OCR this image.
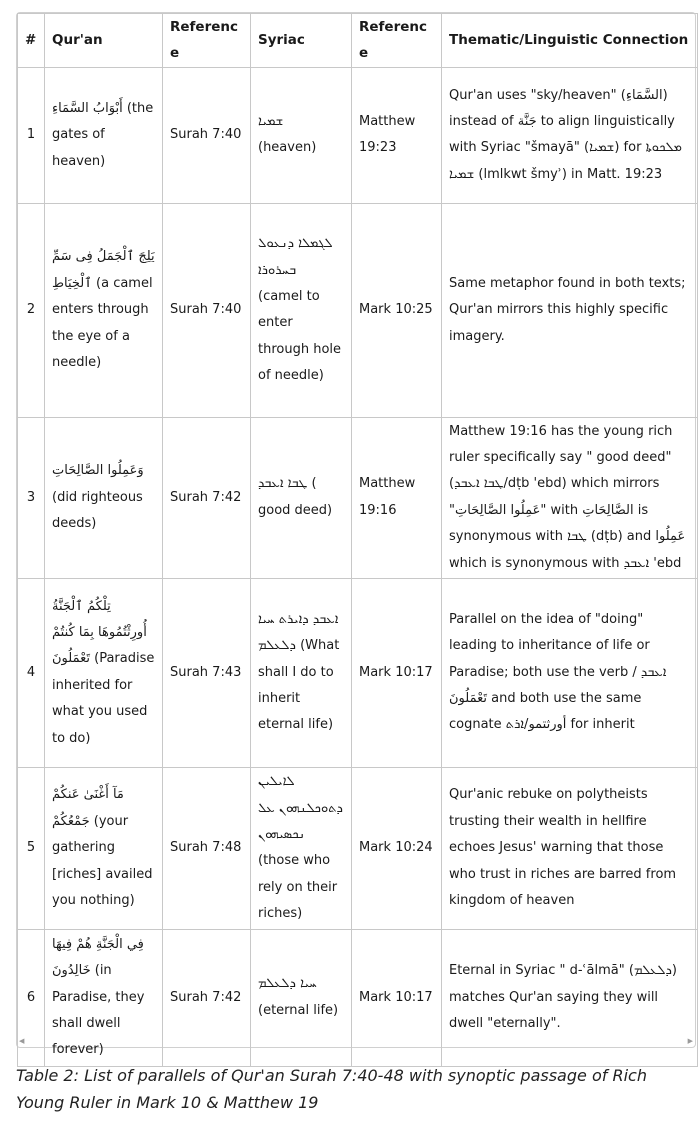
#	Qur'an	Reference	Syriac	Reference	Thematic/Linguistic Connection
1	أَبْوَابُ السَّمَاءِ (the gates of heaven)	Surah 7:40	ܫܡܝܐ (heaven)	Matthew 19:23	Qur'an uses "sky/heaven" (السَّمَاءِ) instead of جَنَّة to align linguistically with Syriac "šmayā" (ܫܡܝܐ) for ܡܠܟܘܬܐ ܫܡܝܐ (lmlkwt šmyʾ) in Matt. 19:23
2	يَلِجَ ٱلْجَمَلُ فِى سَمِّ ٱلْخِيَاطِ (a camel enters through the eye of a needle)	Surah 7:40	ܠܓܡܠܐ ܕܢܥܘܠ ܒܚܪܘܪܐ (camel to enter through hole of needle)	Mark 10:25	Same metaphor found in both texts; Qur'an mirrors this highly specific imagery.
3	وَعَمِلُوا الصَّالِحَاتِ (did righteous deeds)	Surah 7:42	ܛܒܐ ܐܥܒܕ ( good deed)	Matthew 19:16	Matthew 19:16 has the young rich ruler specifically say " good deed" (ܛܒܐ ܐܥܒܕ/dṭb 'ebd) which mirrors "عَمِلُوا الصَّالِحَاتِ" with الصَّالِحَاتِ is synonymous with ܛܒܐ (dṭb) and عَمِلُوا which is synonymous with ܐܥܒܕ 'ebd
4	تِلْكُمُ ٱلْجَنَّةُ أُورِثْتُمُوهَا بِمَا كُنتُمْ تَعْمَلُونَ (Paradise inherited for what you used to do)	Surah 7:43	ܐܥܒܕ ܕܐܝܪܬ ܚܝܐ ܕܠܥܠܡ (What shall I do to inherit eternal life)	Mark 10:17	Parallel on the idea of "doing" leading to inheritance of life or Paradise; both use the verb / ܐܥܒܕ تَعْمَلُونَ and both use the same cognate أورثتمو/ܐܪܬ for inherit
5	مَآ أَغْنَىٰ عَنكُمْ جَمْعُكُمْ (your gathering [riches] availed you nothing)	Surah 7:48	ܠܐܝܠܝܢ ܕܬܘܟܠܢܗܘܢ ܥܠ ܢܟܣܝܗܘܢ (those who rely on their riches)	Mark 10:24	Qur'anic rebuke on polytheists trusting their wealth in hellfire echoes Jesus' warning that those who trust in riches are barred from kingdom of heaven
6	فِي الْجَنَّةِ هُمْ فِيهَا خَالِدُونَ (in Paradise, they shall dwell forever)	Surah 7:42	ܚܝܐ ܕܠܥܠܡ (eternal life)	Mark 10:17	Eternal in Syriac " d-ʿālmā" (ܕܠܥܠܡ) matches Qur'an saying they will dwell "eternally".
◀	▶
Table 2: List of parallels of Qur'an Surah 7:40-48 with synoptic passage of Rich Young Ruler in Mark 10 & Matthew 19
